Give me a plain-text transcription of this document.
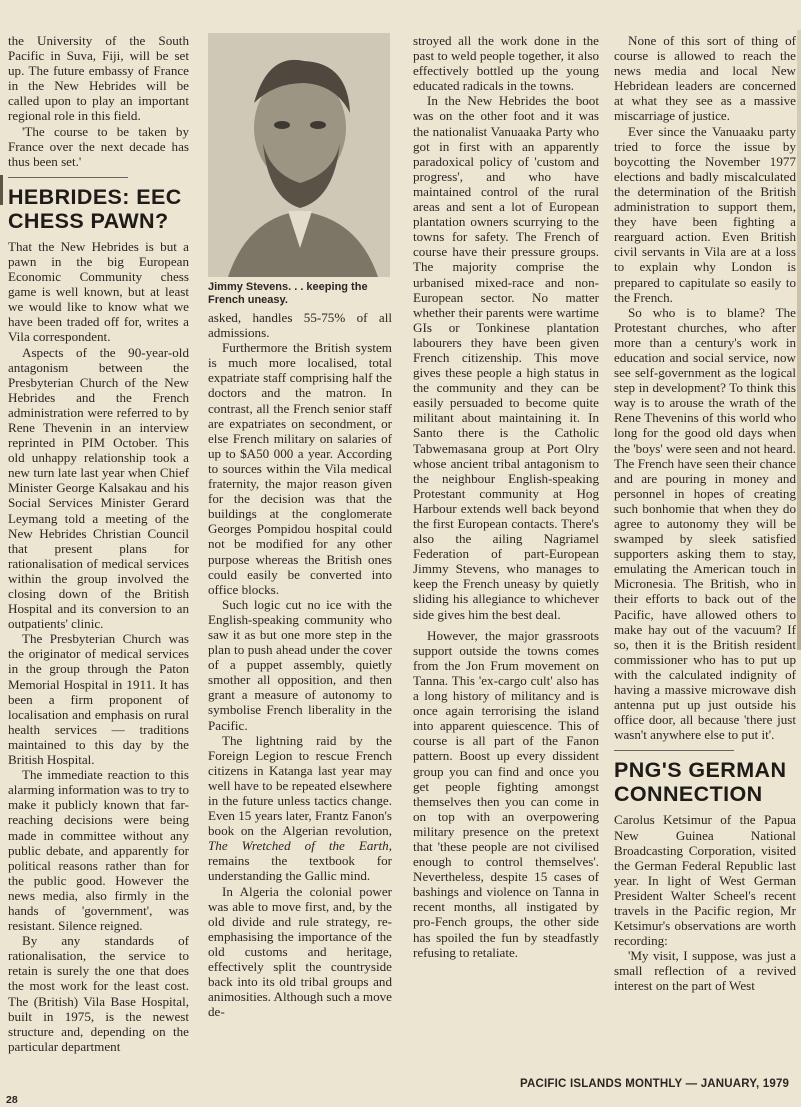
the University of the South Pacific in Suva, Fiji, will be set up. The future embassy of France in the New Hebrides will be called upon to play an important regional role in this field.

'The course to be taken by France over the next decade has thus been set.'

HEBRIDES: EEC CHESS PAWN?

That the New Hebrides is but a pawn in the big European Economic Community chess game is well known, but at least we would like to know what we have been traded off for, writes a Vila correspondent.

Aspects of the 90-year-old antagonism between the Presbyterian Church of the New Hebrides and the French administration were referred to by Rene Thevenin in an interview reprinted in PIM October. This old unhappy relationship took a new turn late last year when Chief Minister George Kalsakau and his Social Services Minister Gerard Leymang told a meeting of the New Hebrides Christian Council that present plans for rationalisation of medical services within the group involved the closing down of the British Hospital and its conversion to an outpatients' clinic.

The Presbyterian Church was the originator of medical services in the group through the Paton Memorial Hospital in 1911. It has been a firm proponent of localisation and emphasis on rural health services — traditions maintained to this day by the British Hospital.

The immediate reaction to this alarming information was to try to make it publicly known that far-reaching decisions were being made in committee without any public debate, and apparently for political reasons rather than for the public good. However the news media, also firmly in the hands of 'government', was resistant. Silence reigned.

By any standards of rationalisation, the service to retain is surely the one that does the most work for the least cost. The (British) Vila Base Hospital, built in 1975, is the newest structure and, depending on the particular department

Jimmy Stevens. . . keeping the French uneasy.

asked, handles 55-75% of all admissions.

Furthermore the British system is much more localised, total expatriate staff comprising half the doctors and the matron. In contrast, all the French senior staff are expatriates on secondment, or else French military on salaries of up to $A50 000 a year. According to sources within the Vila medical fraternity, the major reason given for the decision was that the buildings at the conglomerate Georges Pompidou hospital could not be modified for any other purpose whereas the British ones could easily be converted into office blocks.

Such logic cut no ice with the English-speaking community who saw it as but one more step in the plan to push ahead under the cover of a puppet assembly, quietly smother all opposition, and then grant a measure of autonomy to symbolise French liberality in the Pacific.

The lightning raid by the Foreign Legion to rescue French citizens in Katanga last year may well have to be repeated elsewhere in the future unless tactics change. Even 15 years later, Frantz Fanon's book on the Algerian revolution, The Wretched of the Earth, remains the textbook for understanding the Gallic mind.

In Algeria the colonial power was able to move first, and, by the old divide and rule strategy, re-emphasising the importance of the old customs and heritage, effectively split the countryside back into its old tribal groups and animosities. Although such a move de-

stroyed all the work done in the past to weld people together, it also effectively bottled up the young educated radicals in the towns.

In the New Hebrides the boot was on the other foot and it was the nationalist Vanuaaka Party who got in first with an apparently paradoxical policy of 'custom and progress', and who have maintained control of the rural areas and sent a lot of European plantation owners scurrying to the towns for safety. The French of course have their pressure groups. The majority comprise the urbanised mixed-race and non-European sector. No matter whether their parents were wartime GIs or Tonkinese plantation labourers they have been given French citizenship. This move gives these people a high status in the community and they can be easily persuaded to become quite militant about maintaining it. In Santo there is the Catholic Tabwemasana group at Port Olry whose ancient tribal antagonism to the neighbour English-speaking Protestant community at Hog Harbour extends well back beyond the first European contacts. There's also the ailing Nagriamel Federation of part-European Jimmy Stevens, who manages to keep the French uneasy by quietly sliding his allegiance to whichever side gives him the best deal.

However, the major grassroots support outside the towns comes from the Jon Frum movement on Tanna. This 'ex-cargo cult' also has a long history of militancy and is once again terrorising the island into apparent quiescence. This of course is all part of the Fanon pattern. Boost up every dissident group you can find and once you get people fighting amongst themselves then you can come in on top with an overpowering military presence on the pretext that 'these people are not civilised enough to control themselves'. Nevertheless, despite 15 cases of bashings and violence on Tanna in recent months, all instigated by pro-Fench groups, the other side has spoiled the fun by steadfastly refusing to retaliate.

None of this sort of thing of course is allowed to reach the news media and local New Hebridean leaders are concerned at what they see as a massive miscarriage of justice.

Ever since the Vanuaaku party tried to force the issue by boycotting the November 1977 elections and badly miscalculated the determination of the British administration to support them, they have been fighting a rearguard action. Even British civil servants in Vila are at a loss to explain why London is prepared to capitulate so easily to the French.

So who is to blame? The Protestant churches, who after more than a century's work in education and social service, now see self-government as the logical step in development? To think this way is to arouse the wrath of the Rene Thevenins of this world who long for the good old days when the 'boys' were seen and not heard. The French have seen their chance and are pouring in money and personnel in hopes of creating such bonhomie that when they do agree to autonomy they will be swamped by sleek satisfied supporters asking them to stay, emulating the American touch in Micronesia. The British, who in their efforts to back out of the Pacific, have allowed others to make hay out of the vacuum? If so, then it is the British resident commissioner who has to put up with the calculated indignity of having a massive microwave dish antenna put up just outside his office door, all because 'there just wasn't anywhere else to put it'.

PNG'S GERMAN CONNECTION

Carolus Ketsimur of the Papua New Guinea National Broadcasting Corporation, visited the German Federal Republic last year. In light of West German President Walter Scheel's recent travels in the Pacific region, Mr Ketsimur's observations are worth recording:

'My visit, I suppose, was just a small reflection of a revived interest on the part of West

PACIFIC ISLANDS MONTHLY — JANUARY, 1979
28
